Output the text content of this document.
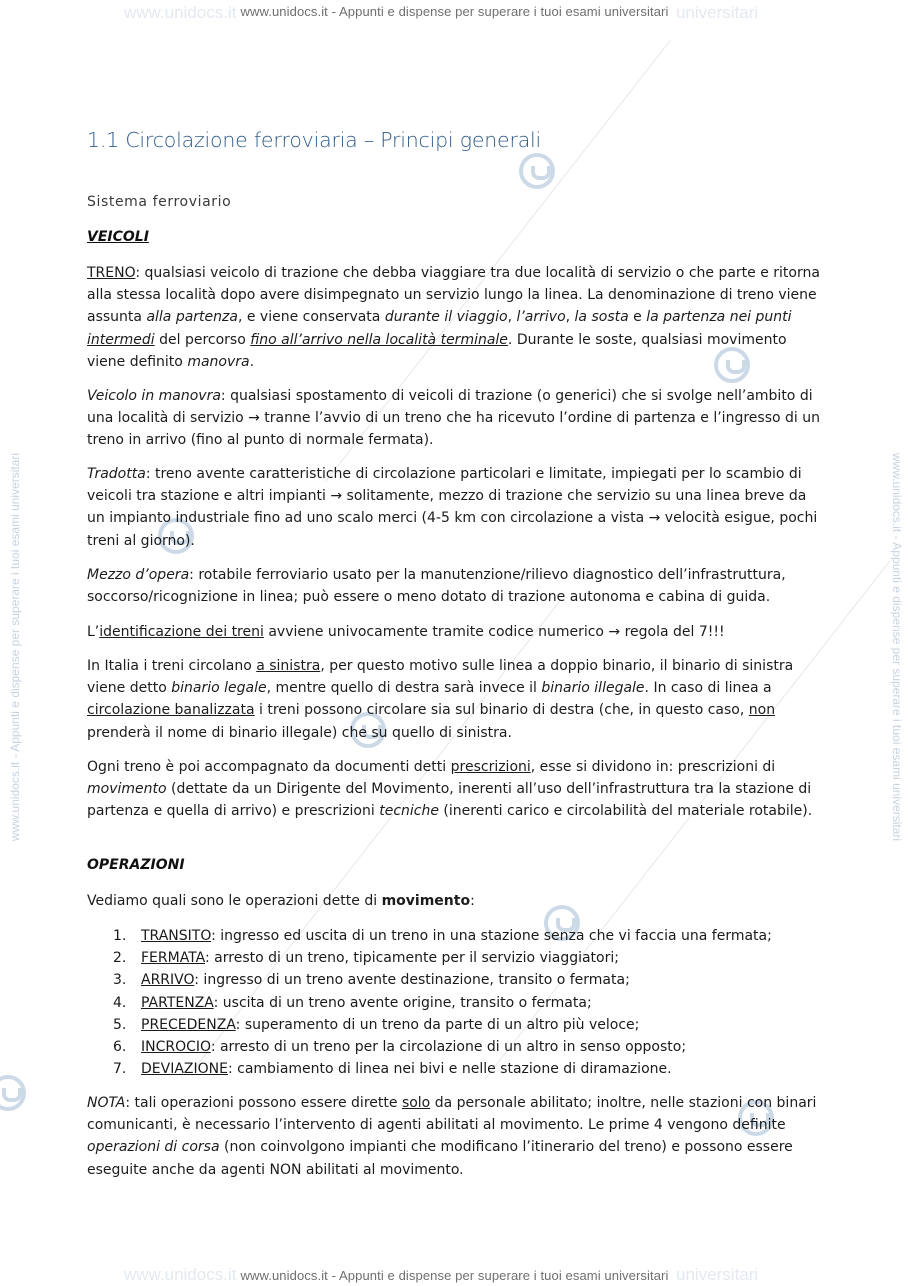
www.unidocs.it	universitari
www.unidocs.it - Appunti e dispense per superare i tuoi esami universitari
www.unidocs.it	universitari
www.unidocs.it - Appunti e dispense per superare i tuoi esami universitari
www.unidocs.it - Appunti e dispense per superare i tuoi esami universitari	www.unidocs.it - Appunti e dispense per superare i tuoi esami universitari
1.1 Circolazione ferroviaria – Principi generali
Sistema ferroviario
VEICOLI

TRENO: qualsiasi veicolo di trazione che debba viaggiare tra due località di servizio o che parte e ritorna alla stessa località dopo avere disimpegnato un servizio lungo la linea. La denominazione di treno viene assunta alla partenza, e viene conservata durante il viaggio, l’arrivo, la sosta e la partenza nei punti intermedi del percorso fino all’arrivo nella località terminale. Durante le soste, qualsiasi movimento viene definito manovra.

Veicolo in manovra: qualsiasi spostamento di veicoli di trazione (o generici) che si svolge nell’ambito di una località di servizio → tranne l’avvio di un treno che ha ricevuto l’ordine di partenza e l’ingresso di un treno in arrivo (fino al punto di normale fermata).

Tradotta: treno avente caratteristiche di circolazione particolari e limitate, impiegati per lo scambio di veicoli tra stazione e altri impianti → solitamente, mezzo di trazione che servizio su una linea breve da un impianto industriale fino ad uno scalo merci (4-5 km con circolazione a vista → velocità esigue, pochi treni al giorno).

Mezzo d’opera: rotabile ferroviario usato per la manutenzione/rilievo diagnostico dell’infrastruttura, soccorso/ricognizione in linea; può essere o meno dotato di trazione autonoma e cabina di guida.

L’identificazione dei treni avviene univocamente tramite codice numerico → regola del 7!!!

In Italia i treni circolano a sinistra, per questo motivo sulle linea a doppio binario, il binario di sinistra viene detto binario legale, mentre quello di destra sarà invece il binario illegale. In caso di linea a circolazione banalizzata i treni possono circolare sia sul binario di destra (che, in questo caso, non prenderà il nome di binario illegale) che su quello di sinistra.

Ogni treno è poi accompagnato da documenti detti prescrizioni, esse si dividono in: prescrizioni di movimento (dettate da un Dirigente del Movimento, inerenti all’uso dell’infrastruttura tra la stazione di partenza e quella di arrivo) e prescrizioni tecniche (inerenti carico e circolabilità del materiale rotabile).

OPERAZIONI

Vediamo quali sono le operazioni dette di movimento:

1. TRANSITO: ingresso ed uscita di un treno in una stazione senza che vi faccia una fermata;
2. FERMATA: arresto di un treno, tipicamente per il servizio viaggiatori;
3. ARRIVO: ingresso di un treno avente destinazione, transito o fermata;
4. PARTENZA: uscita di un treno avente origine, transito o fermata;
5. PRECEDENZA: superamento di un treno da parte di un altro più veloce;
6. INCROCIO: arresto di un treno per la circolazione di un altro in senso opposto;
7. DEVIAZIONE: cambiamento di linea nei bivi e nelle stazione di diramazione.

NOTA: tali operazioni possono essere dirette solo da personale abilitato; inoltre, nelle stazioni con binari comunicanti, è necessario l’intervento di agenti abilitati al movimento. Le prime 4 vengono definite operazioni di corsa (non coinvolgono impianti che modificano l’itinerario del treno) e possono essere eseguite anche da agenti NON abilitati al movimento.
